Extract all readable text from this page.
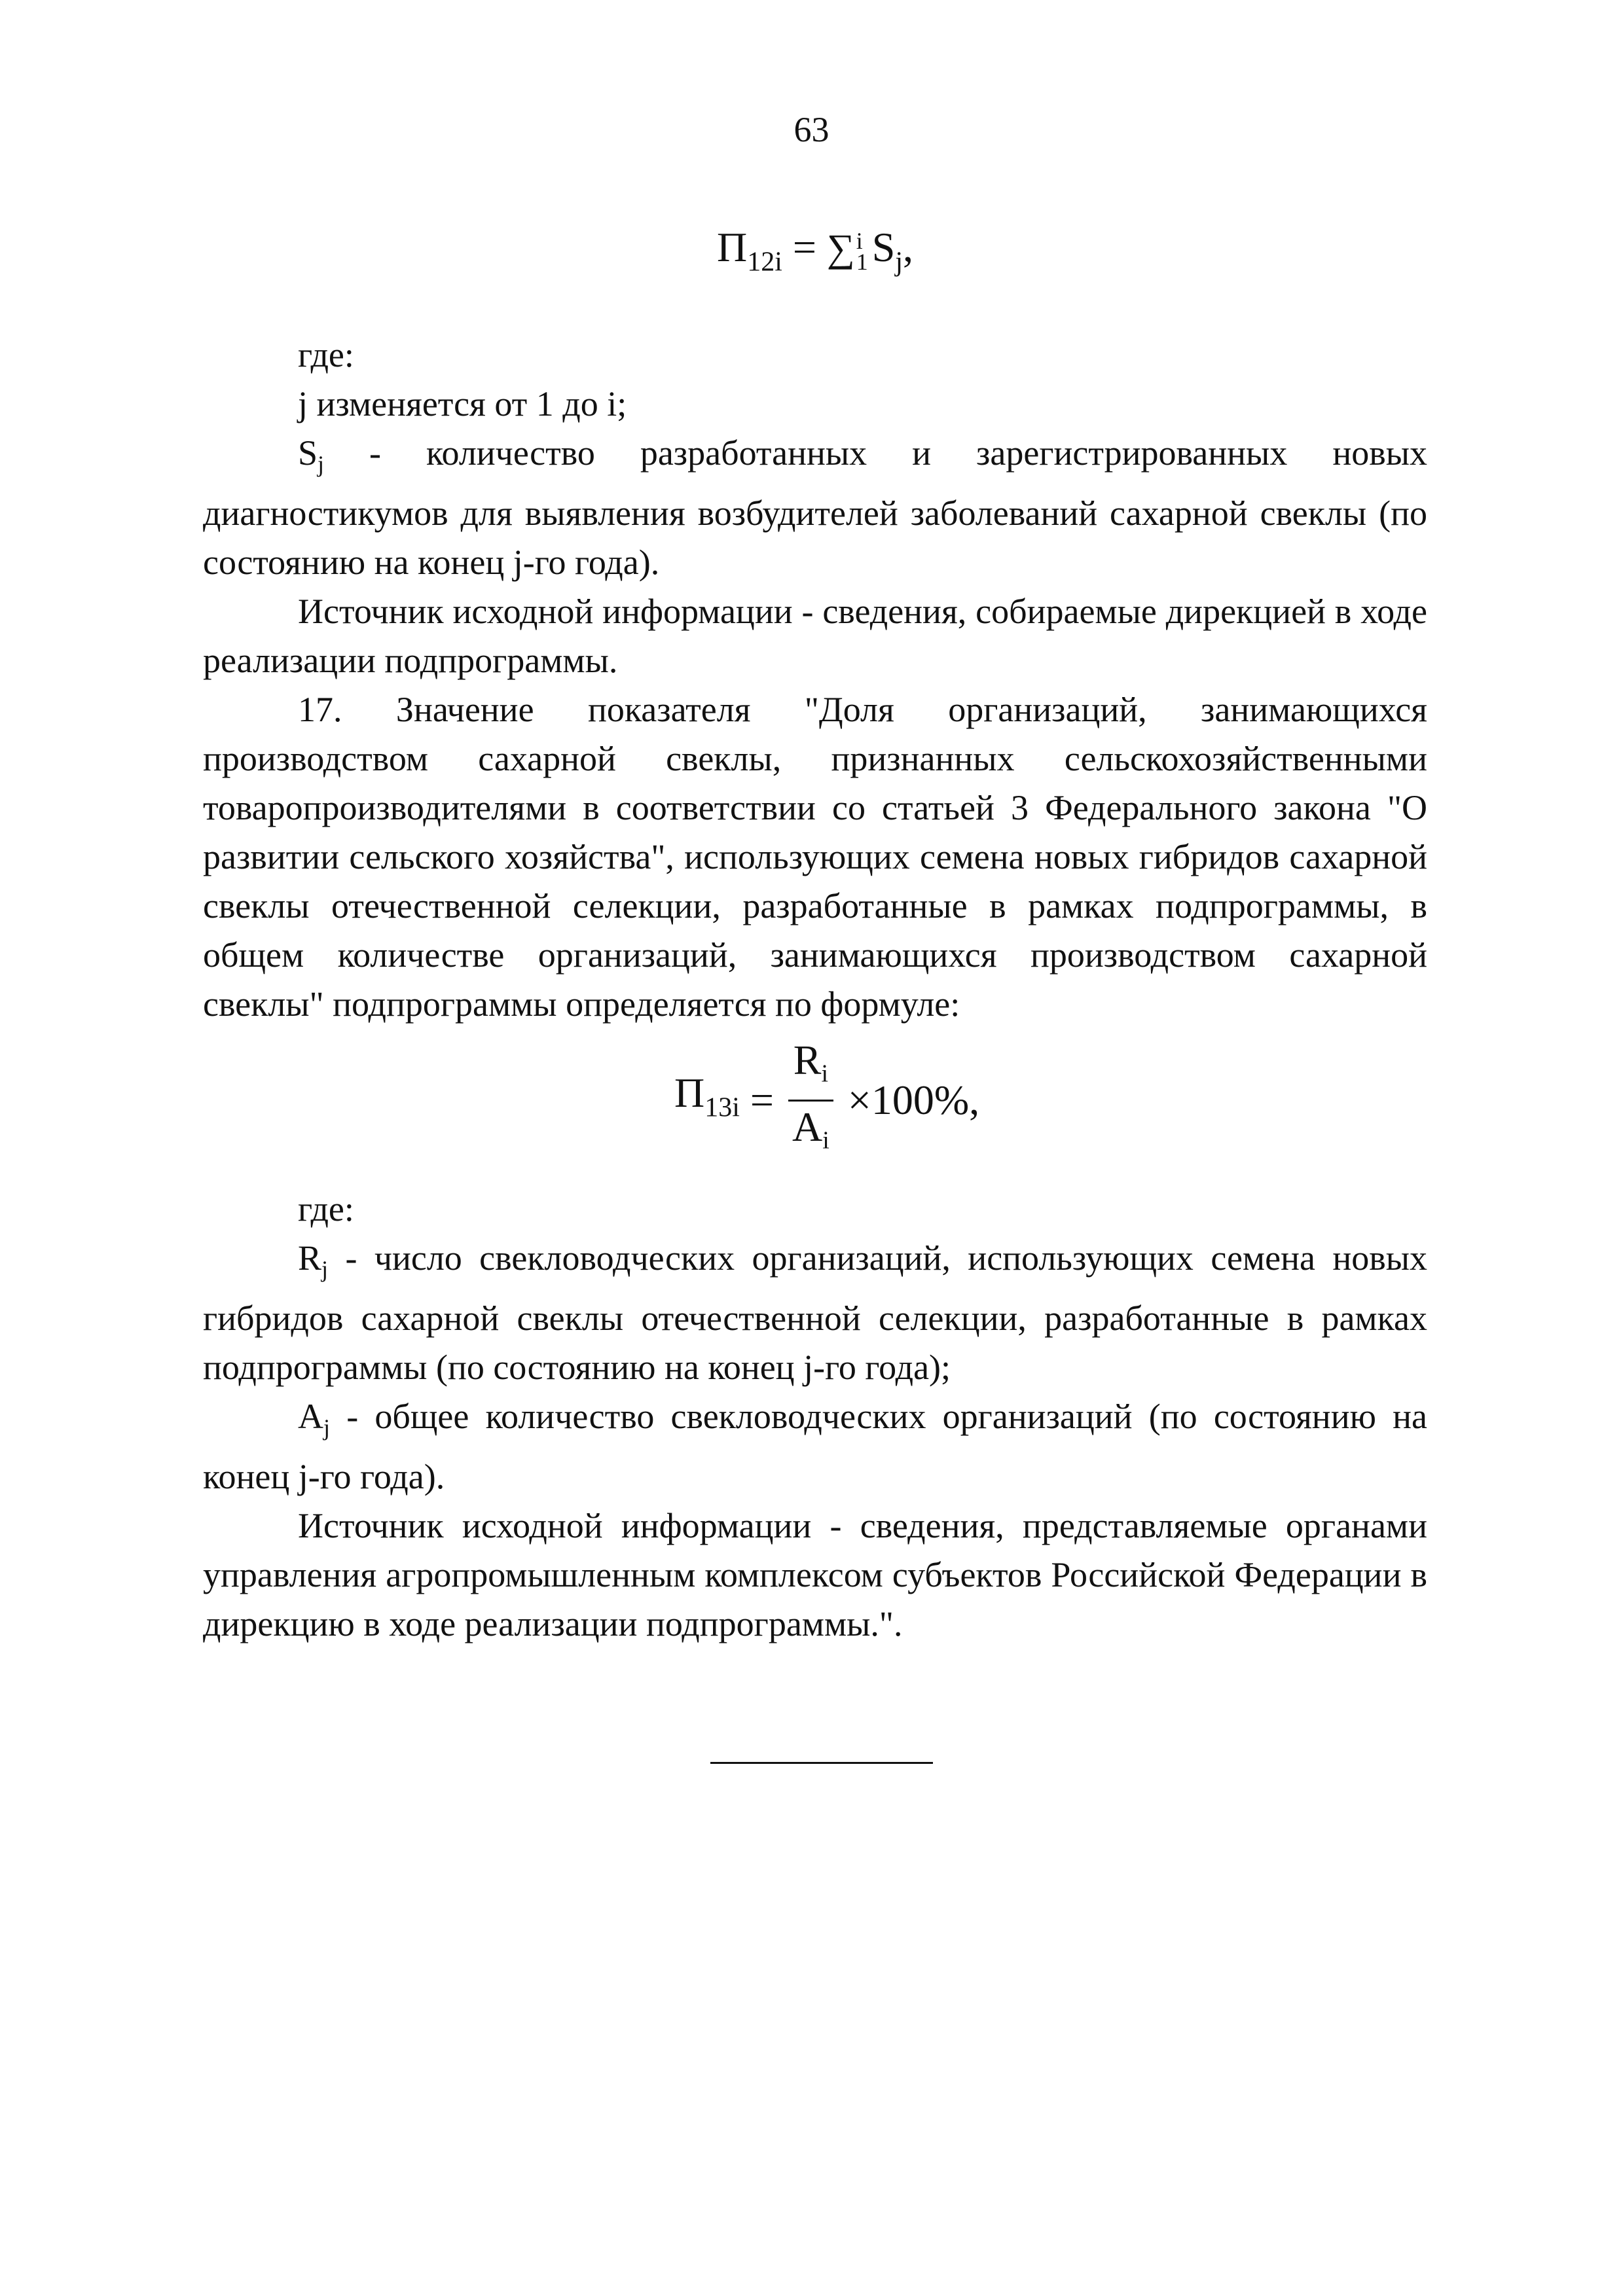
63
$П_{12i}$ = ∑ i
1 $S_j$,

где:

j изменяется от 1 до i;

$S_j$ - количество разработанных и зарегистрированных новых диагностикумов для выявления возбудителей заболеваний сахарной свеклы (по состоянию на конец j-го года).

Источник исходной информации - сведения, собираемые дирекцией в ходе реализации подпрограммы.

17. Значение показателя "Доля организаций, занимающихся производством сахарной свеклы, признанных сельскохозяйственными товаропроизводителями в соответствии со статьей 3 Федерального закона "О развитии сельского хозяйства", использующих семена новых гибридов сахарной свеклы отечественной селекции, разработанные в рамках подпрограммы, в общем количестве организаций, занимающихся производством сахарной свеклы" подпрограммы определяется по формуле:

$П_{13i} = \frac{Ri}{Ai} \times 100\%$,

где:

$R_j$ - число свекловодческих организаций, использующих семена новых гибридов сахарной свеклы отечественной селекции, разработанные в рамках подпрограммы (по состоянию на конец j-го года);

$A_j$ - общее количество свекловодческих организаций (по состоянию на конец j-го года).

Источник исходной информации - сведения, представляемые органами управления агропромышленным комплексом субъектов Российской Федерации в дирекцию в ходе реализации подпрограммы.".
